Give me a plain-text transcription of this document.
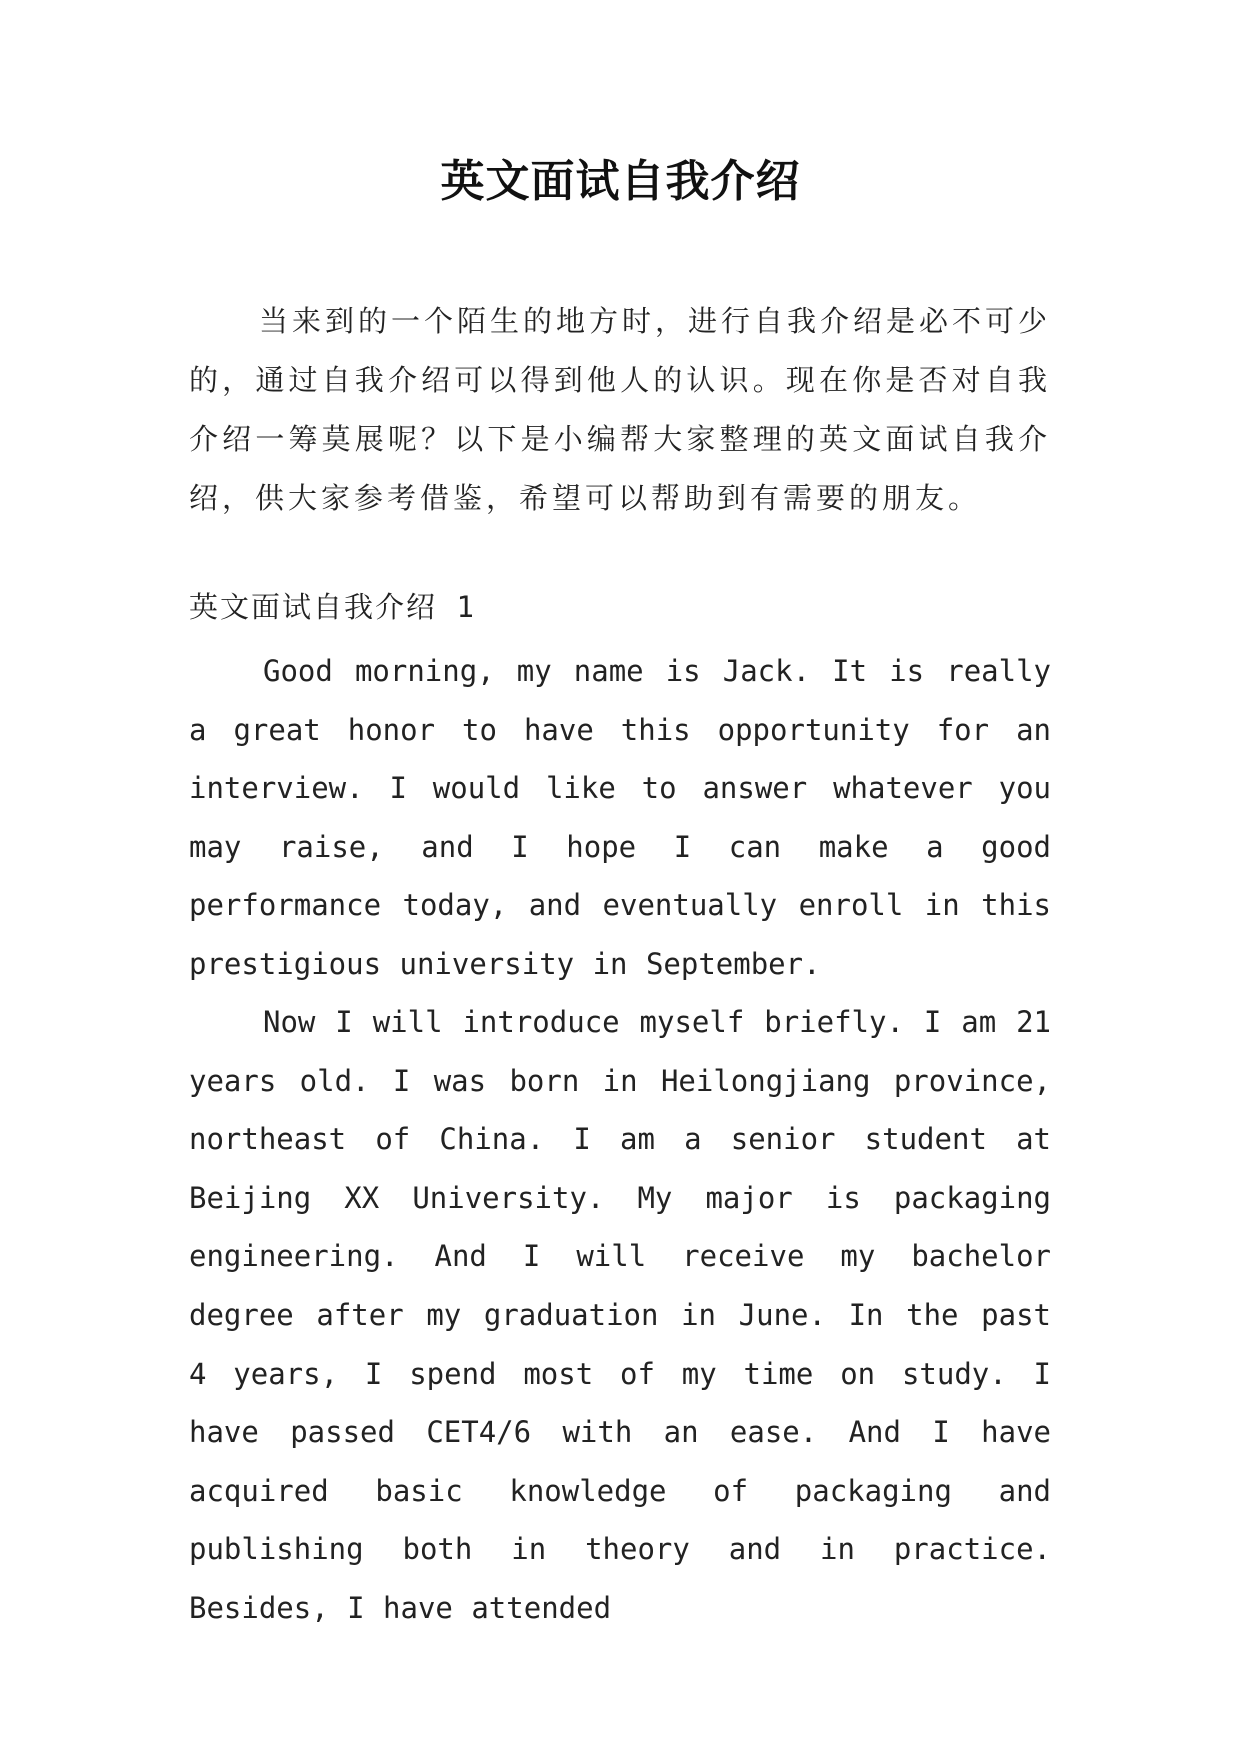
英文面试自我介绍

当来到的一个陌生的地方时，进行自我介绍是必不可少的，通过自我介绍可以得到他人的认识。现在你是否对自我介绍一筹莫展呢？以下是小编帮大家整理的英文面试自我介绍，供大家参考借鉴，希望可以帮助到有需要的朋友。

英文面试自我介绍 1

Good morning, my name is Jack. It is really a great honor to have this opportunity for an interview. I would like to answer whatever you may raise, and I hope I can make a good performance today, and eventually enroll in this prestigious university in September.

Now I will introduce myself briefly. I am 21 years old. I was born in Heilongjiang province, northeast of China. I am a senior student at Beijing XX University. My major is packaging engineering. And I will receive my bachelor degree after my graduation in June. In the past 4 years, I spend most of my time on study. I have passed CET4/6 with an ease. And I have acquired basic knowledge of packaging and publishing both in theory and in practice. Besides, I have attended
